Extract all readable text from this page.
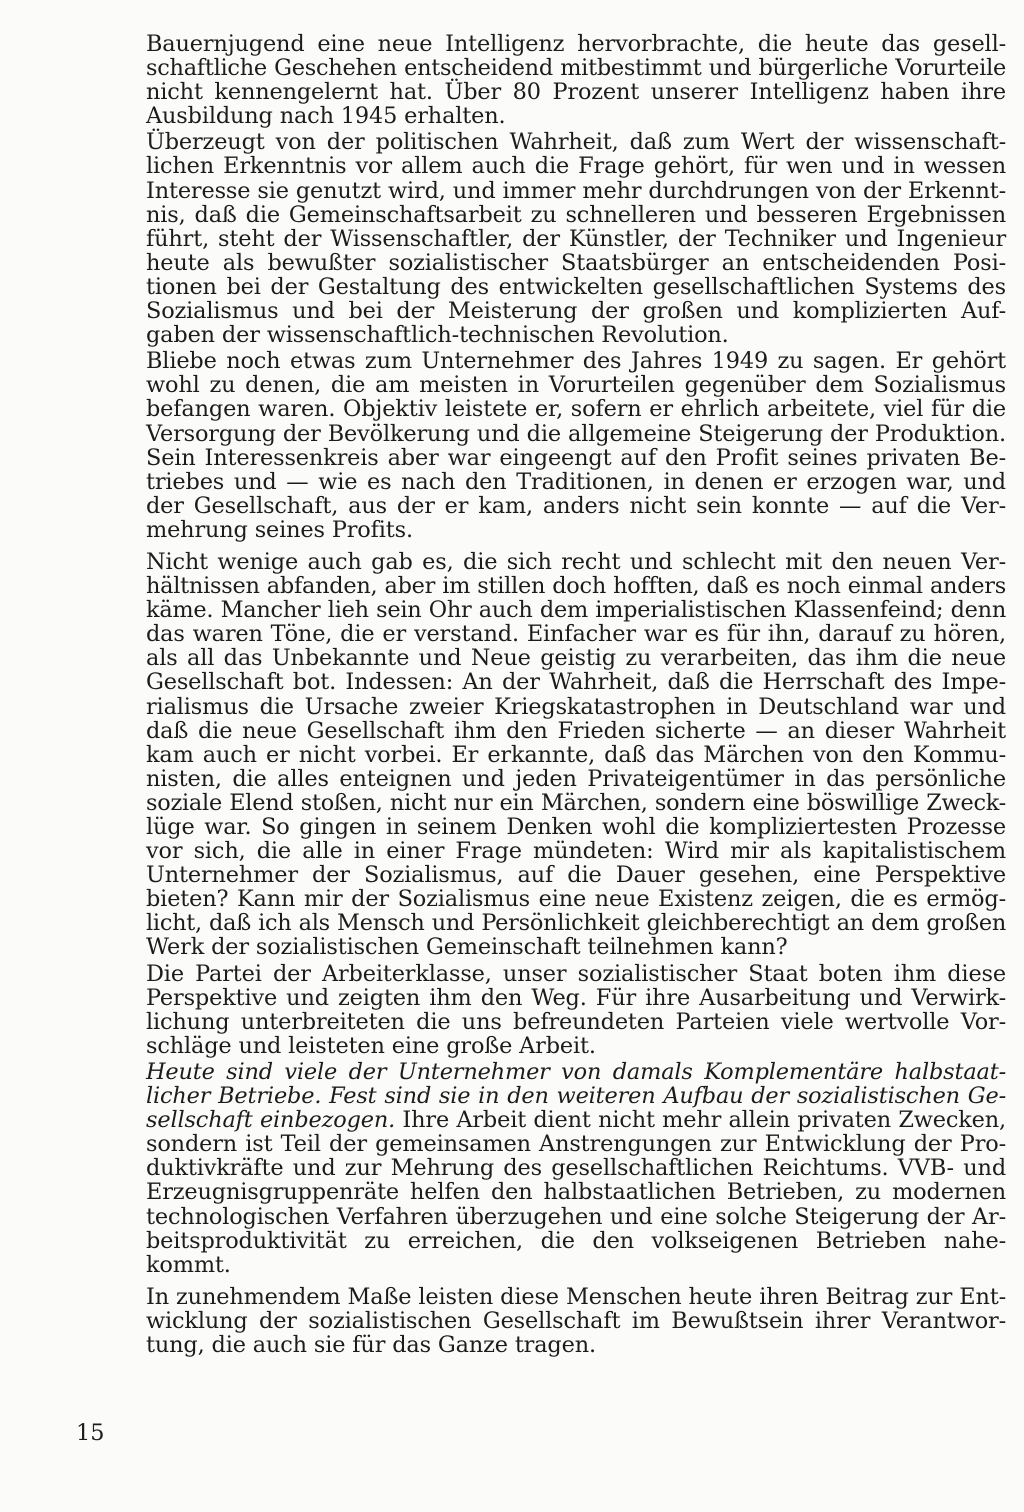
Bauernjugend eine neue Intelligenz hervorbrachte, die heute das gesell-
schaftliche Geschehen entscheidend mitbestimmt und bürgerliche Vorurteile
nicht kennengelernt hat. Über 80 Prozent unserer Intelligenz haben ihre
Ausbildung nach 1945 erhalten.
Überzeugt von der politischen Wahrheit, daß zum Wert der wissenschaft-
lichen Erkenntnis vor allem auch die Frage gehört, für wen und in wessen
Interesse sie genutzt wird, und immer mehr durchdrungen von der Erkennt-
nis, daß die Gemeinschaftsarbeit zu schnelleren und besseren Ergebnissen
führt, steht der Wissenschaftler, der Künstler, der Techniker und Ingenieur
heute als bewußter sozialistischer Staatsbürger an entscheidenden Posi-
tionen bei der Gestaltung des entwickelten gesellschaftlichen Systems des
Sozialismus und bei der Meisterung der großen und komplizierten Auf-
gaben der wissenschaftlich-technischen Revolution.
Bliebe noch etwas zum Unternehmer des Jahres 1949 zu sagen. Er gehört
wohl zu denen, die am meisten in Vorurteilen gegenüber dem Sozialismus
befangen waren. Objektiv leistete er, sofern er ehrlich arbeitete, viel für die
Versorgung der Bevölkerung und die allgemeine Steigerung der Produktion.
Sein Interessenkreis aber war eingeengt auf den Profit seines privaten Be-
triebes und — wie es nach den Traditionen, in denen er erzogen war, und
der Gesellschaft, aus der er kam, anders nicht sein konnte — auf die Ver-
mehrung seines Profits.
Nicht wenige auch gab es, die sich recht und schlecht mit den neuen Ver-
hältnissen abfanden, aber im stillen doch hofften, daß es noch einmal anders
käme. Mancher lieh sein Ohr auch dem imperialistischen Klassenfeind; denn
das waren Töne, die er verstand. Einfacher war es für ihn, darauf zu hören,
als all das Unbekannte und Neue geistig zu verarbeiten, das ihm die neue
Gesellschaft bot. Indessen: An der Wahrheit, daß die Herrschaft des Impe-
rialismus die Ursache zweier Kriegskatastrophen in Deutschland war und
daß die neue Gesellschaft ihm den Frieden sicherte — an dieser Wahrheit
kam auch er nicht vorbei. Er erkannte, daß das Märchen von den Kommu-
nisten, die alles enteignen und jeden Privateigentümer in das persönliche
soziale Elend stoßen, nicht nur ein Märchen, sondern eine böswillige Zweck-
lüge war. So gingen in seinem Denken wohl die kompliziertesten Prozesse
vor sich, die alle in einer Frage mündeten: Wird mir als kapitalistischem
Unternehmer der Sozialismus, auf die Dauer gesehen, eine Perspektive
bieten? Kann mir der Sozialismus eine neue Existenz zeigen, die es ermög-
licht, daß ich als Mensch und Persönlichkeit gleichberechtigt an dem großen
Werk der sozialistischen Gemeinschaft teilnehmen kann?
Die Partei der Arbeiterklasse, unser sozialistischer Staat boten ihm diese
Perspektive und zeigten ihm den Weg. Für ihre Ausarbeitung und Verwirk-
lichung unterbreiteten die uns befreundeten Parteien viele wertvolle Vor-
schläge und leisteten eine große Arbeit.
Heute sind viele der Unternehmer von damals Komplementäre halbstaat-
licher Betriebe. Fest sind sie in den weiteren Aufbau der sozialistischen Ge-
sellschaft einbezogen. Ihre Arbeit dient nicht mehr allein privaten Zwecken,
sondern ist Teil der gemeinsamen Anstrengungen zur Entwicklung der Pro-
duktivkräfte und zur Mehrung des gesellschaftlichen Reichtums. VVB- und
Erzeugnisgruppenräte helfen den halbstaatlichen Betrieben, zu modernen
technologischen Verfahren überzugehen und eine solche Steigerung der Ar-
beitsproduktivität zu erreichen, die den volkseigenen Betrieben nahe-
kommt.
In zunehmendem Maße leisten diese Menschen heute ihren Beitrag zur Ent-
wicklung der sozialistischen Gesellschaft im Bewußtsein ihrer Verantwor-
tung, die auch sie für das Ganze tragen.
15
